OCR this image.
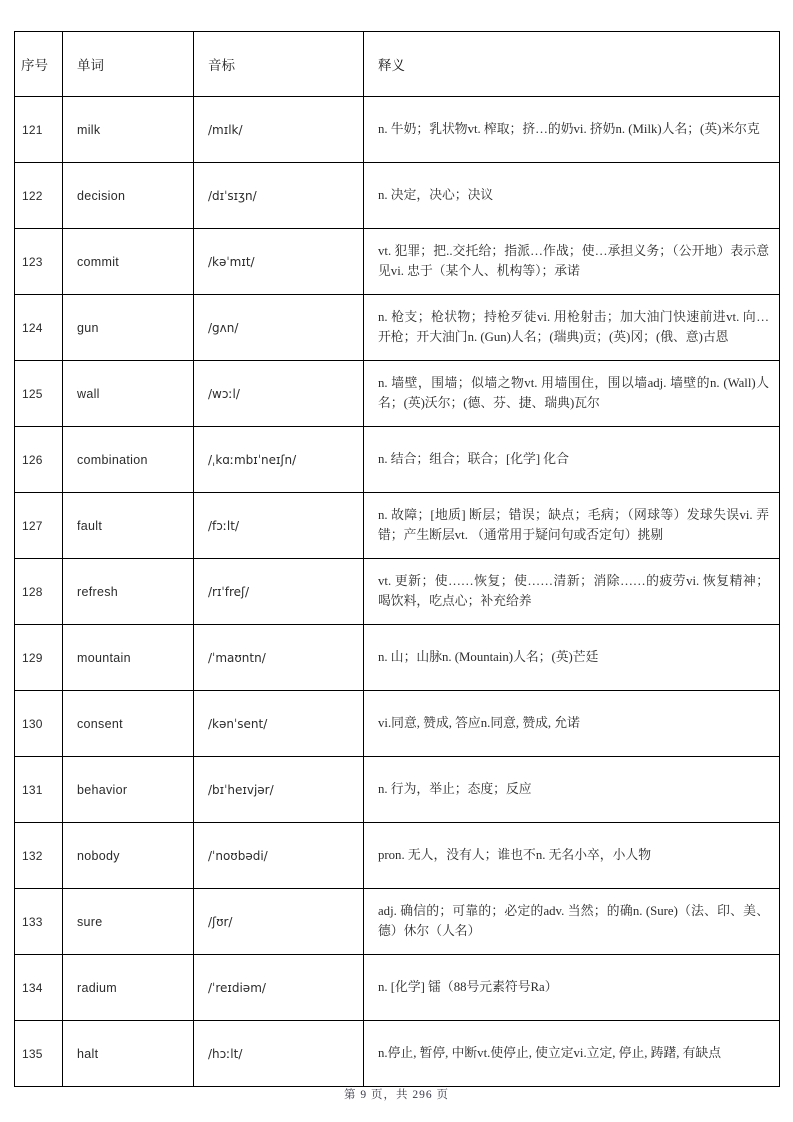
序号	单词	音标	释义
121	milk	/mɪlk/	n. 牛奶；乳状物vt. 榨取；挤…的奶vi. 挤奶n. (Milk)人名；(英)米尔克
122	decision	/dɪˈsɪʒn/	n. 决定，决心；决议
123	commit	/kəˈmɪt/	vt. 犯罪；把..交托给；指派…作战；使…承担义务；（公开地）表示意见vi. 忠于（某个人、机构等）；承诺
124	gun	/gʌn/	n. 枪支；枪状物；持枪歹徒vi. 用枪射击；加大油门快速前进vt. 向…开枪；开大油门n. (Gun)人名；(瑞典)贡；(英)冈；(俄、意)古恩
125	wall	/wɔːl/	n. 墙壁，围墙；似墙之物vt. 用墙围住，围以墙adj. 墙壁的n. (Wall)人名；(英)沃尔；(德、芬、捷、瑞典)瓦尔
126	combination	/ˌkɑːmbɪˈneɪʃn/	n. 结合；组合；联合；[化学] 化合
127	fault	/fɔːlt/	n. 故障；[地质] 断层；错误；缺点；毛病；（网球等）发球失误vi. 弄错；产生断层vt. （通常用于疑问句或否定句）挑剔
128	refresh	/rɪˈfreʃ/	vt. 更新；使……恢复；使……清新；消除……的疲劳vi. 恢复精神；喝饮料，吃点心；补充给养
129	mountain	/ˈmaʊntn/	n. 山；山脉n. (Mountain)人名；(英)芒廷
130	consent	/kənˈsent/	vi.同意, 赞成, 答应n.同意, 赞成, 允诺
131	behavior	/bɪˈheɪvjər/	n. 行为，举止；态度；反应
132	nobody	/ˈnoʊbədi/	pron. 无人，没有人；谁也不n. 无名小卒，小人物
133	sure	/ʃʊr/	adj. 确信的；可靠的；必定的adv. 当然；的确n. (Sure)（法、印、美、德）休尔（人名）
134	radium	/ˈreɪdiəm/	n. [化学] 镭（88号元素符号Ra）
135	halt	/hɔːlt/	n.停止, 暂停, 中断vt.使停止, 使立定vi.立定, 停止, 踌躇, 有缺点
第 9 页，共 296 页
